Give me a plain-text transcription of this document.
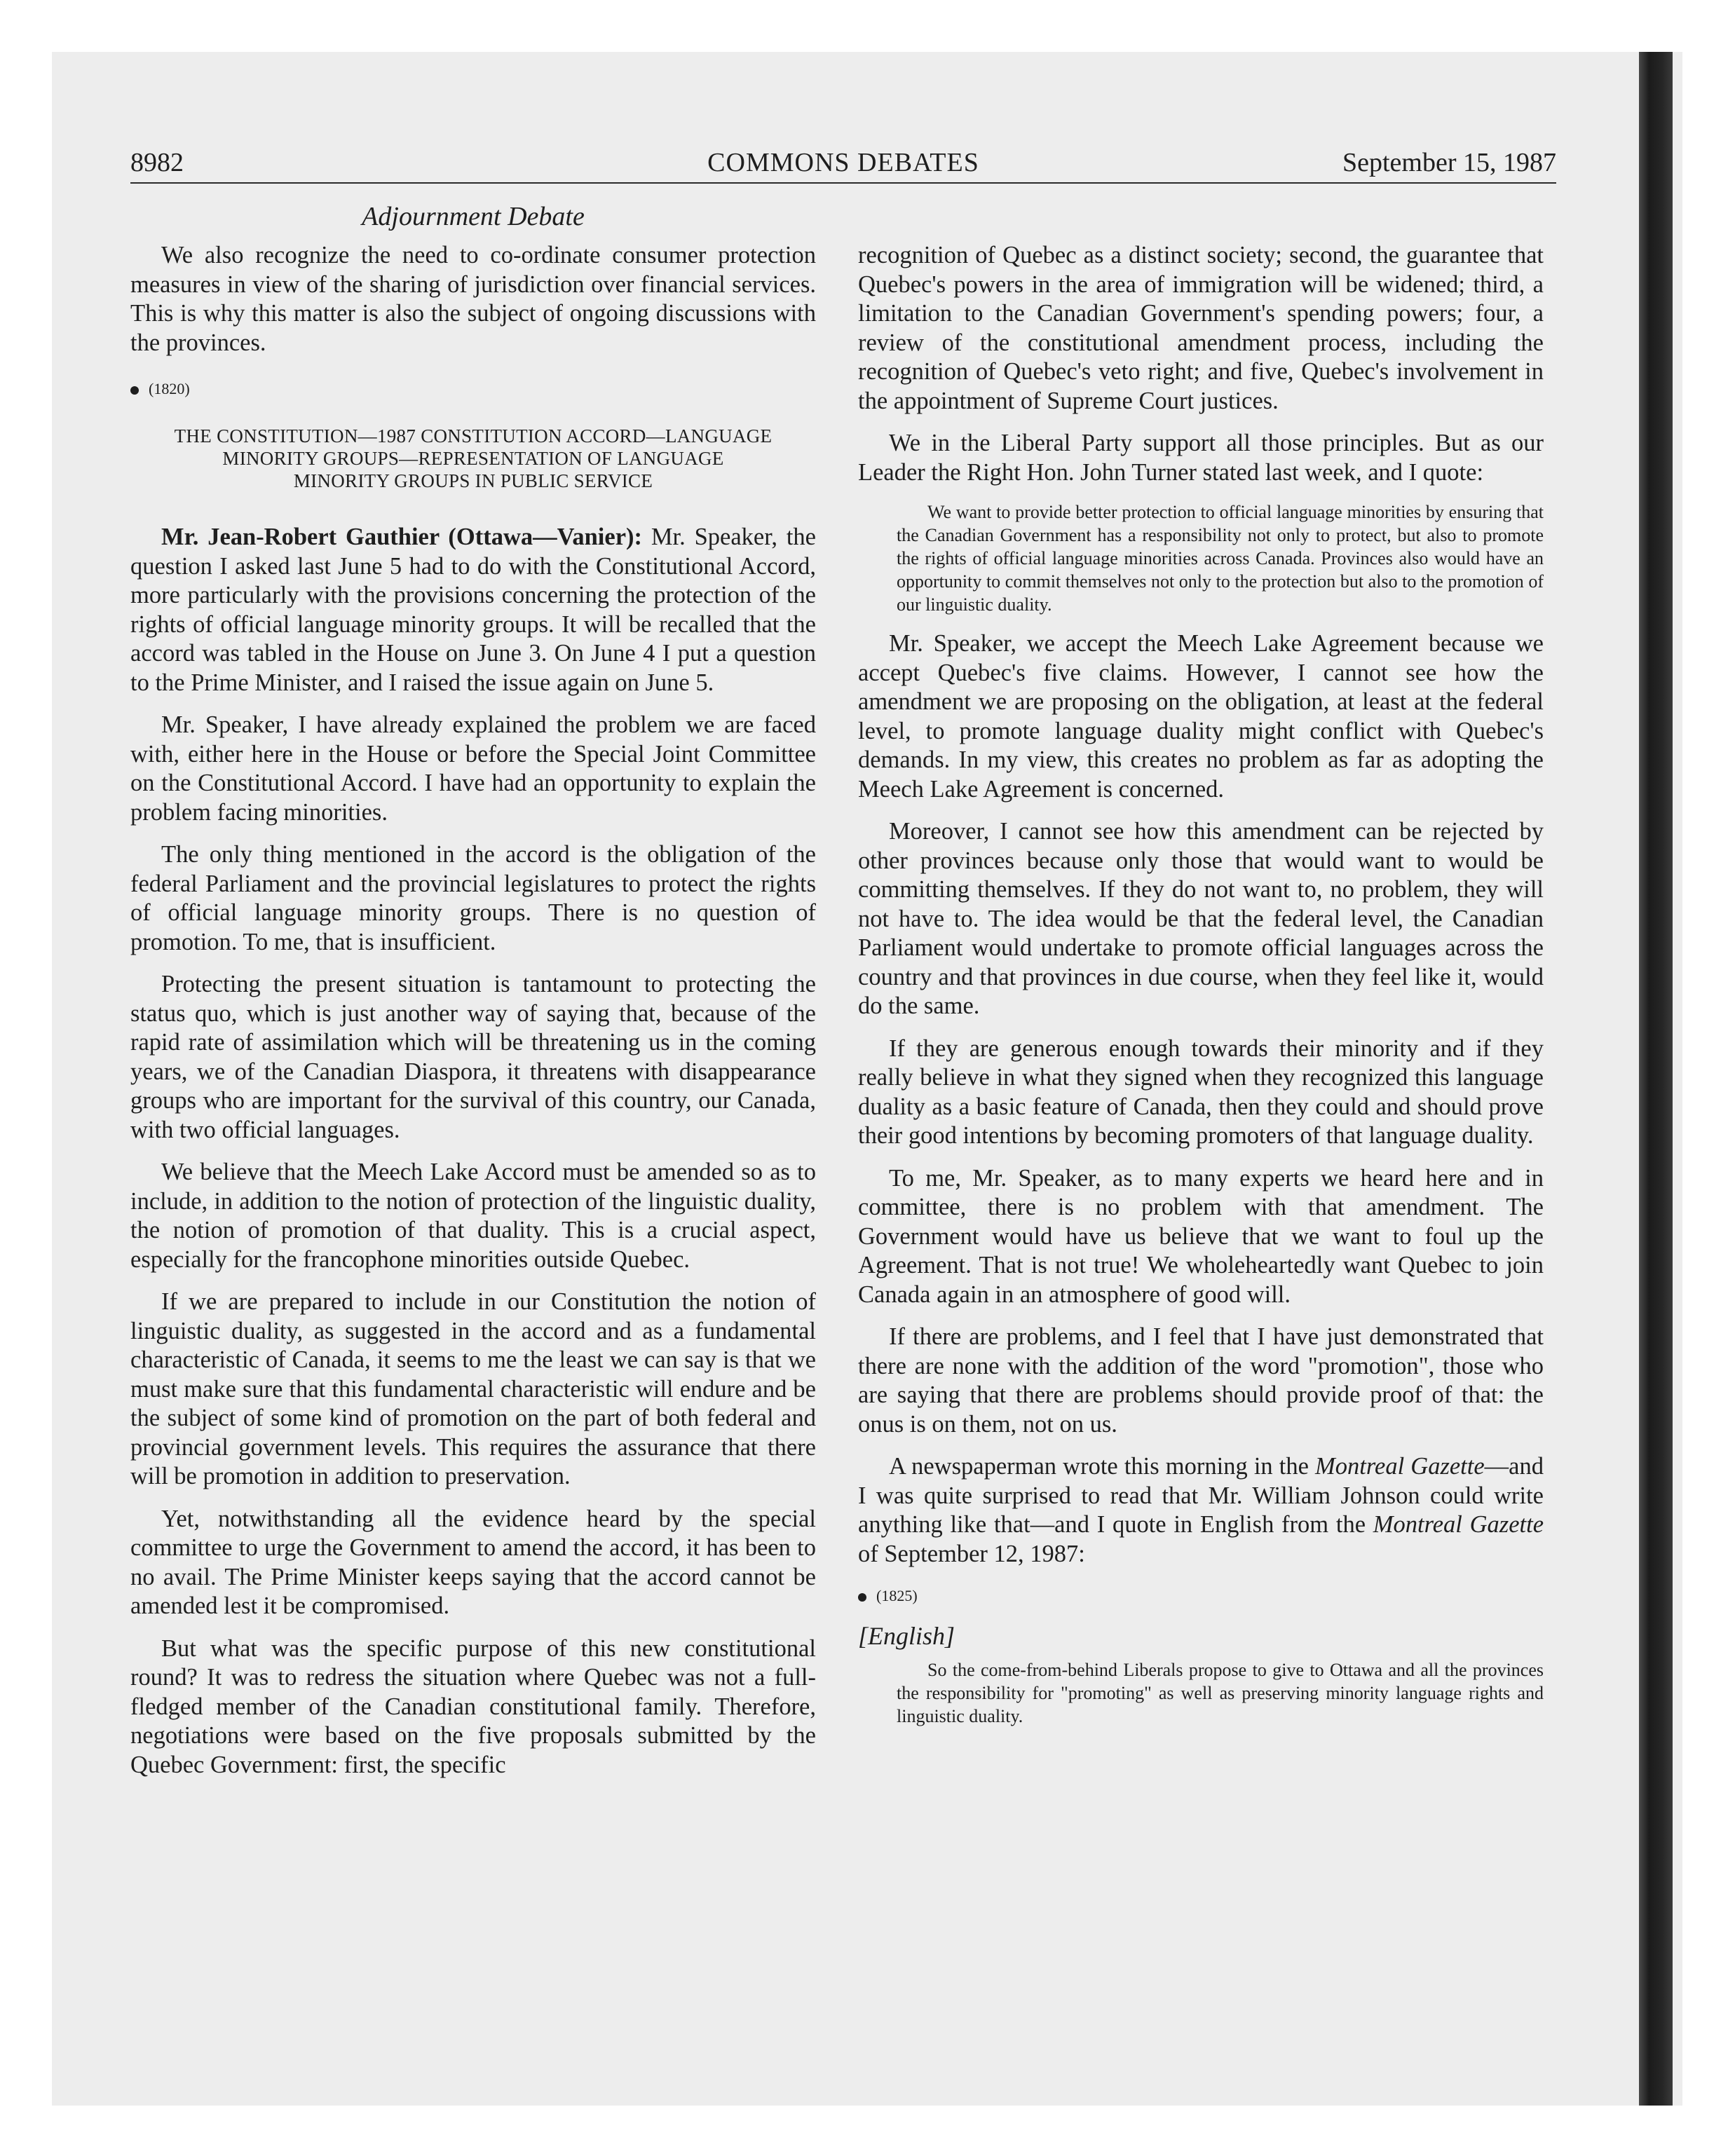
8982	COMMONS DEBATES	September 15, 1987
Adjournment Debate

We also recognize the need to co-ordinate consumer protection measures in view of the sharing of jurisdiction over financial services. This is why this matter is also the subject of ongoing discussions with the provinces.

(1820)
THE CONSTITUTION—1987 CONSTITUTION ACCORD—LANGUAGE
MINORITY GROUPS—REPRESENTATION OF LANGUAGE
MINORITY GROUPS IN PUBLIC SERVICE

Mr. Jean-Robert Gauthier (Ottawa—Vanier): Mr. Speaker, the question I asked last June 5 had to do with the Constitutional Accord, more particularly with the provisions concerning the protection of the rights of official language minority groups. It will be recalled that the accord was tabled in the House on June 3. On June 4 I put a question to the Prime Minister, and I raised the issue again on June 5.

Mr. Speaker, I have already explained the problem we are faced with, either here in the House or before the Special Joint Committee on the Constitutional Accord. I have had an opportunity to explain the problem facing minorities.

The only thing mentioned in the accord is the obligation of the federal Parliament and the provincial legislatures to protect the rights of official language minority groups. There is no question of promotion. To me, that is insufficient.

Protecting the present situation is tantamount to protecting the status quo, which is just another way of saying that, because of the rapid rate of assimilation which will be threatening us in the coming years, we of the Canadian Diaspora, it threatens with disappearance groups who are important for the survival of this country, our Canada, with two official languages.

We believe that the Meech Lake Accord must be amended so as to include, in addition to the notion of protection of the linguistic duality, the notion of promotion of that duality. This is a crucial aspect, especially for the francophone minorities outside Quebec.

If we are prepared to include in our Constitution the notion of linguistic duality, as suggested in the accord and as a fundamental characteristic of Canada, it seems to me the least we can say is that we must make sure that this fundamental characteristic will endure and be the subject of some kind of promotion on the part of both federal and provincial government levels. This requires the assurance that there will be promotion in addition to preservation.

Yet, notwithstanding all the evidence heard by the special committee to urge the Government to amend the accord, it has been to no avail. The Prime Minister keeps saying that the accord cannot be amended lest it be compromised.

But what was the specific purpose of this new constitutional round? It was to redress the situation where Quebec was not a full-fledged member of the Canadian constitutional family. Therefore, negotiations were based on the five proposals submitted by the Quebec Government: first, the specific

recognition of Quebec as a distinct society; second, the guarantee that Quebec's powers in the area of immigration will be widened; third, a limitation to the Canadian Government's spending powers; four, a review of the constitutional amendment process, including the recognition of Quebec's veto right; and five, Quebec's involvement in the appointment of Supreme Court justices.

We in the Liberal Party support all those principles. But as our Leader the Right Hon. John Turner stated last week, and I quote:

We want to provide better protection to official language minorities by ensuring that the Canadian Government has a responsibility not only to protect, but also to promote the rights of official language minorities across Canada. Provinces also would have an opportunity to commit themselves not only to the protection but also to the promotion of our linguistic duality.

Mr. Speaker, we accept the Meech Lake Agreement because we accept Quebec's five claims. However, I cannot see how the amendment we are proposing on the obligation, at least at the federal level, to promote language duality might conflict with Quebec's demands. In my view, this creates no problem as far as adopting the Meech Lake Agreement is concerned.

Moreover, I cannot see how this amendment can be rejected by other provinces because only those that would want to would be committing themselves. If they do not want to, no problem, they will not have to. The idea would be that the federal level, the Canadian Parliament would undertake to promote official languages across the country and that provinces in due course, when they feel like it, would do the same.

If they are generous enough towards their minority and if they really believe in what they signed when they recognized this language duality as a basic feature of Canada, then they could and should prove their good intentions by becoming promoters of that language duality.

To me, Mr. Speaker, as to many experts we heard here and in committee, there is no problem with that amendment. The Government would have us believe that we want to foul up the Agreement. That is not true! We wholeheartedly want Quebec to join Canada again in an atmosphere of good will.

If there are problems, and I feel that I have just demonstrated that there are none with the addition of the word "promotion", those who are saying that there are problems should provide proof of that: the onus is on them, not on us.

A newspaperman wrote this morning in the Montreal Gazette—and I was quite surprised to read that Mr. William Johnson could write anything like that—and I quote in English from the Montreal Gazette of September 12, 1987:

(1825)
[English]

So the come-from-behind Liberals propose to give to Ottawa and all the provinces the responsibility for "promoting" as well as preserving minority language rights and linguistic duality.
